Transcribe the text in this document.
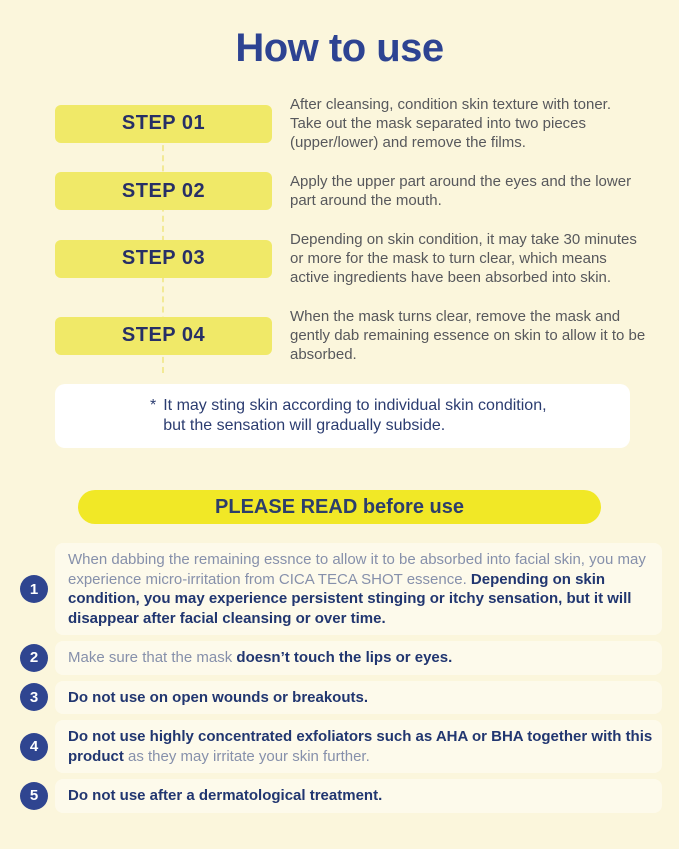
How to use
STEP 01
After cleansing, condition skin texture with toner. Take out the mask separated into two pieces (upper/lower) and remove the films.
STEP 02	Apply the upper part around the eyes and the lower part around the mouth.
STEP 03
Depending on skin condition, it may take 30 minutes or more for the mask to turn clear, which means active ingredients have been absorbed into skin.
STEP 04
When the mask turns clear, remove the mask and gently dab remaining essence on skin to allow it to be absorbed.
* It may sting skin according to individual skin condition,
but the sensation will gradually subside.
PLEASE READ before use
1
When dabbing the remaining essnce to allow it to be absorbed into facial skin, you may experience micro-irritation from CICA TECA SHOT essence. Depending on skin condition, you may experience persistent stinging or itchy sensation, but it will disappear after facial cleansing or over time.
2	Make sure that the mask doesn’t touch the lips or eyes.
3	Do not use on open wounds or breakouts.
4
Do not use highly concentrated exfoliators such as AHA or BHA together with this product as they may irritate your skin further.
5	Do not use after a dermatological treatment.
